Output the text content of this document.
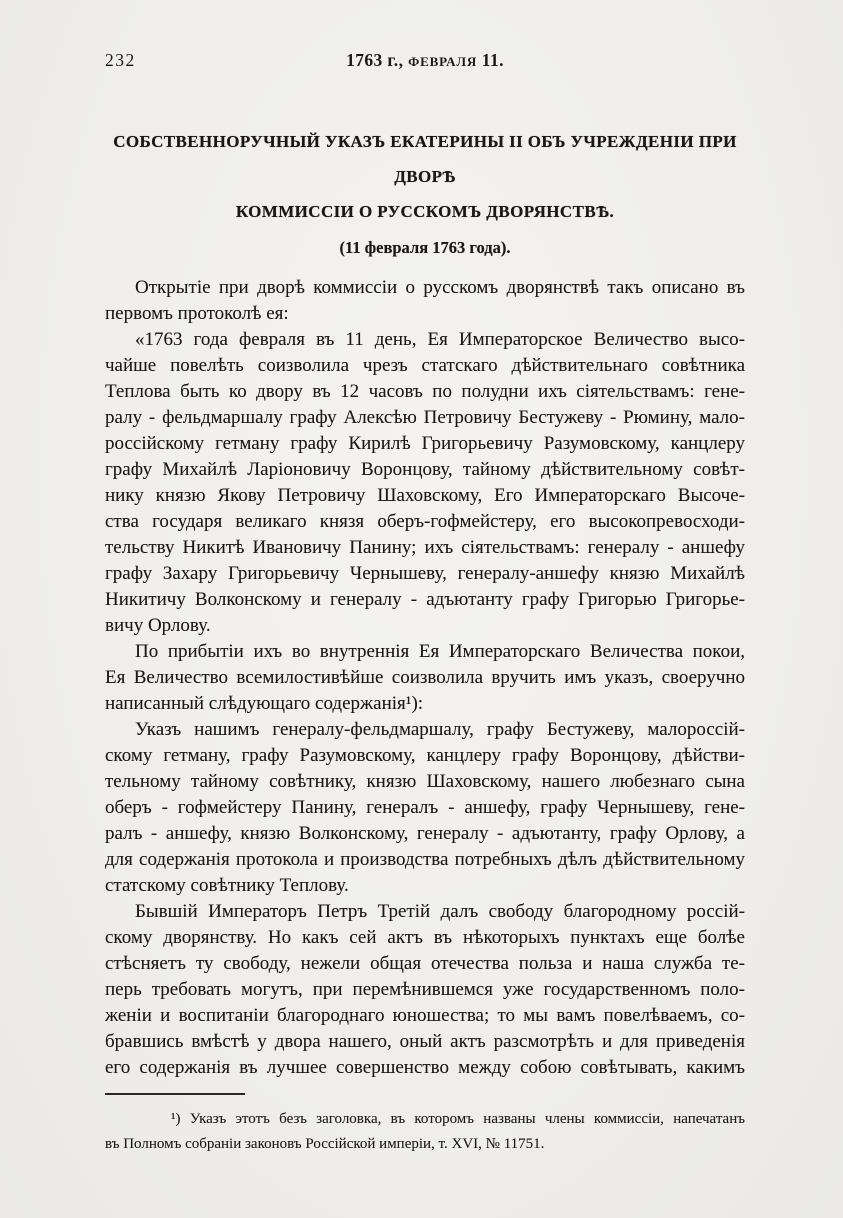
232	1763 г., ФЕВРАЛЯ 11.
СОБСТВЕННОРУЧНЫЙ УКАЗЪ ЕКАТЕРИНЫ II ОБЪ УЧРЕЖДЕНІИ ПРИ ДВОРѢ
КОММИССІИ О РУССКОМЪ ДВОРЯНСТВѢ.
(11 февраля 1763 года).
Открытіе при дворѣ коммиссіи о русскомъ дворянствѣ такъ описано въ
первомъ протоколѣ ея:
«1763 года февраля въ 11 день, Ея Императорское Величество высо-
чайше повелѣть соизволила чрезъ статскаго дѣйствительнаго совѣтника
Теплова быть ко двору въ 12 часовъ по полудни ихъ сіятельствамъ: гене-
ралу - фельдмаршалу графу Алексѣю Петровичу Бестужеву - Рюмину, мало-
россійскому гетману графу Кирилѣ Григорьевичу Разумовскому, канцлеру
графу Михайлѣ Ларіоновичу Воронцову, тайному дѣйствительному совѣт-
нику князю Якову Петровичу Шаховскому, Его Императорскаго Высоче-
ства государя великаго князя оберъ-гофмейстеру, его высокопревосходи-
тельству Никитѣ Ивановичу Панину; ихъ сіятельствамъ: генералу - аншефу
графу Захару Григорьевичу Чернышеву, генералу-аншефу князю Михайлѣ
Никитичу Волконскому и генералу - адъютанту графу Григорью Григорье-
вичу Орлову.
По прибытіи ихъ во внутреннія Ея Императорскаго Величества покои,
Ея Величество всемилостивѣйше соизволила вручить имъ указъ, своеручно
написанный слѣдующаго содержанія¹):
Указъ нашимъ генералу-фельдмаршалу, графу Бестужеву, малороссій-
скому гетману, графу Разумовскому, канцлеру графу Воронцову, дѣйстви-
тельному тайному совѣтнику, князю Шаховскому, нашего любезнаго сына
оберъ - гофмейстеру Панину, генералъ - аншефу, графу Чернышеву, гене-
ралъ - аншефу, князю Волконскому, генералу - адъютанту, графу Орлову, а
для содержанія протокола и производства потребныхъ дѣлъ дѣйствительному
статскому совѣтнику Теплову.
Бывшій Императоръ Петръ Третій далъ свободу благородному россій-
скому дворянству. Но какъ сей актъ въ нѣкоторыхъ пунктахъ еще болѣе
стѣсняетъ ту свободу, нежели общая отечества польза и наша служба те-
перь требовать могутъ, при перемѣнившемся уже государственномъ поло-
женіи и воспитаніи благороднаго юношества; то мы вамъ повелѣваемъ, со-
бравшись вмѣстѣ у двора нашего, оный актъ разсмотрѣть и для приведенія
его содержанія въ лучшее совершенство между собою совѣтывать, какимъ
¹) Указъ этотъ безъ заголовка, въ которомъ названы члены коммиссіи, напечатанъ
въ Полномъ собраніи законовъ Россійской имперіи, т. XVI, № 11751.
